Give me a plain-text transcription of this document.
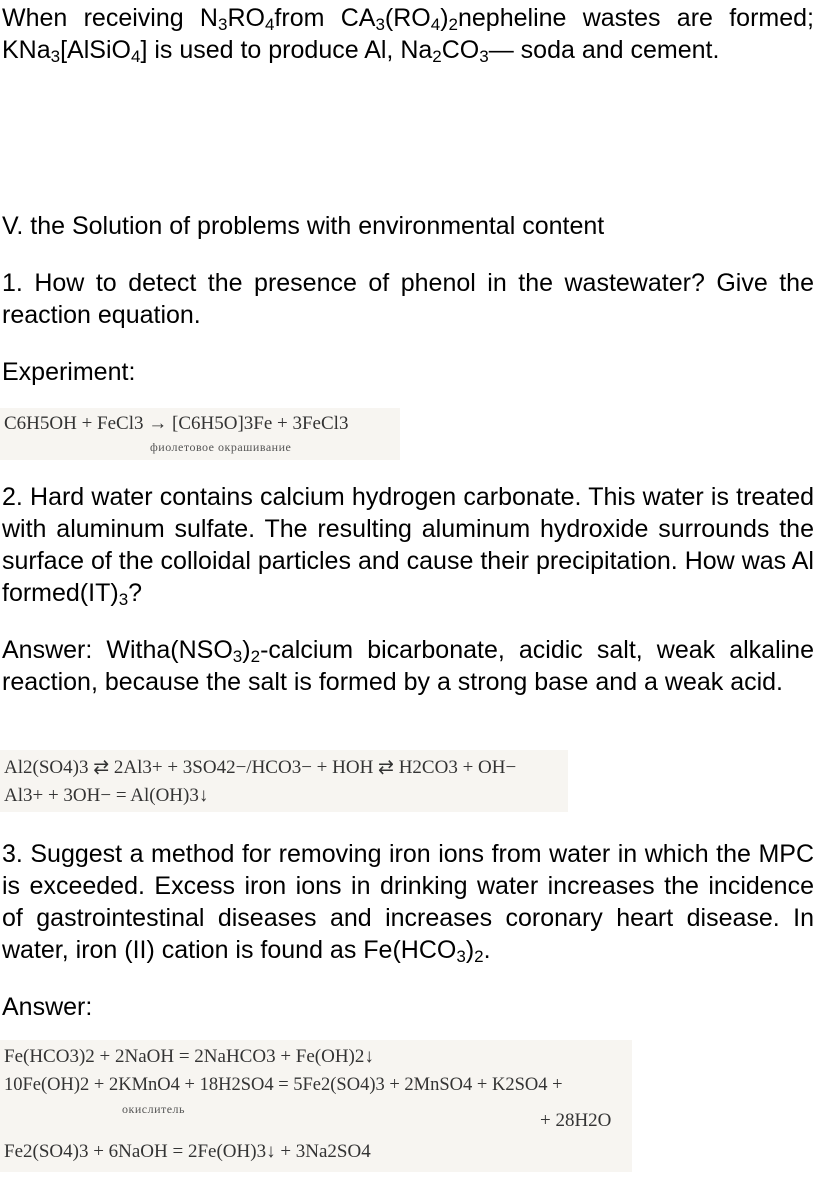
When receiving $N_3RO_4from$ $CA_3(RO_4)_2nepheline$ wastes are formed; KNa$_3$[AlSiO$_4$] is used to produce Al, $Na_2CO_3—$ soda and cement.

V. the Solution of problems with environmental content

1. How to detect the presence of phenol in the wastewater? Give the reaction equation.

Experiment:

C6H5OH + FeCl3 → [C6H5O]3Fe + 3FeCl3
фиолетовое окрашивание

2. Hard water contains calcium hydrogen carbonate. This water is treated with aluminum sulfate. The resulting aluminum hydroxide surrounds the surface of the colloidal particles and cause their precipitation. How was Al $formed(IT)_3$?

Answer: $Witha(NSO_3)_2$-calcium bicarbonate, acidic salt, weak alkaline reaction, because the salt is formed by a strong base and a weak acid.

Al2(SO4)3 ⇄ 2Al3+ + 3SO42−/HCO3− + HOH ⇄ H2CO3 + OH−
Al3+ + 3OH− = Al(OH)3↓

3. Suggest a method for removing iron ions from water in which the MPC is exceeded. Excess iron ions in drinking water increases the incidence of gastrointestinal diseases and increases coronary heart disease. In water, iron (II) cation is found as $Fe(HCO_3)_2$.

Answer:

Fe(HCO3)2 + 2NaOH = 2NaHCO3 + Fe(OH)2↓
10Fe(OH)2 + 2KMnO4 + 18H2SO4 = 5Fe2(SO4)3 + 2MnSO4 + K2SO4 +
окислитель
+ 28H2O
Fe2(SO4)3 + 6NaOH = 2Fe(OH)3↓ + 3Na2SO4
